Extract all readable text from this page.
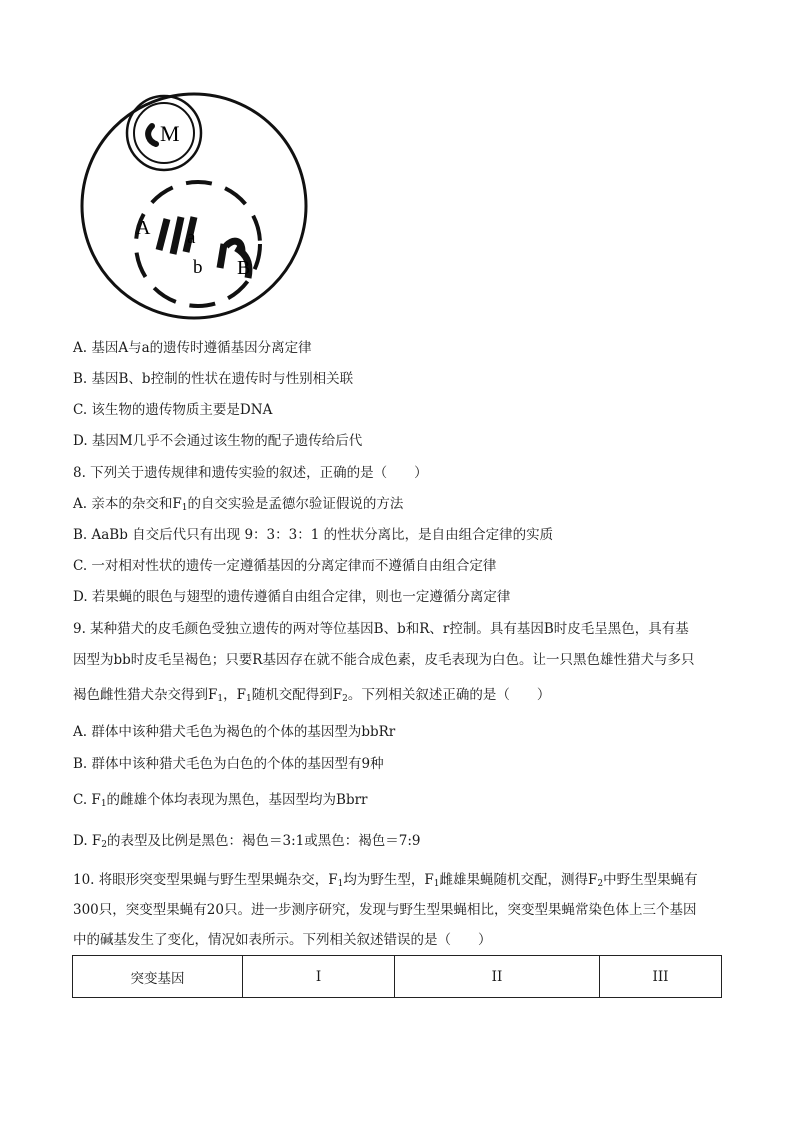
M
A a
b B
A. 基因A与a的遗传时遵循基因分离定律
B. 基因B、b控制的性状在遗传时与性别相关联
C. 该生物的遗传物质主要是DNA
D. 基因M几乎不会通过该生物的配子遗传给后代
8. 下列关于遗传规律和遗传实验的叙述，正确的是（　　）
A. 亲本的杂交和$F_1$的自交实验是孟德尔验证假说的方法
B. AaBb 自交后代只有出现 9：3：3：1 的性状分离比，是自由组合定律的实质
C. 一对相对性状的遗传一定遵循基因的分离定律而不遵循自由组合定律
D. 若果蝇的眼色与翅型的遗传遵循自由组合定律，则也一定遵循分离定律
9. 某种猎犬的皮毛颜色受独立遗传的两对等位基因B、b和R、r控制。具有基因B时皮毛呈黑色，具有基
因型为bb时皮毛呈褐色；只要R基因存在就不能合成色素，皮毛表现为白色。让一只黑色雄性猎犬与多只
褐色雌性猎犬杂交得到$F_1$，$F_1$随机交配得到$F_2$。下列相关叙述正确的是（　　）
A. 群体中该种猎犬毛色为褐色的个体的基因型为bbRr
B. 群体中该种猎犬毛色为白色的个体的基因型有9种
C. $F_1$的雌雄个体均表现为黑色，基因型均为Bbrr
D. $F_2$的表型及比例是黑色：褐色＝3:1或黑色：褐色＝7:9
10. 将眼形突变型果蝇与野生型果蝇杂交，$F_1$均为野生型，$F_1$雌雄果蝇随机交配，测得$F_2$中野生型果蝇有
300只，突变型果蝇有20只。进一步测序研究，发现与野生型果蝇相比，突变型果蝇常染色体上三个基因
中的碱基发生了变化，情况如表所示。下列相关叙述错误的是（　　）
突变基因	I	II	III
